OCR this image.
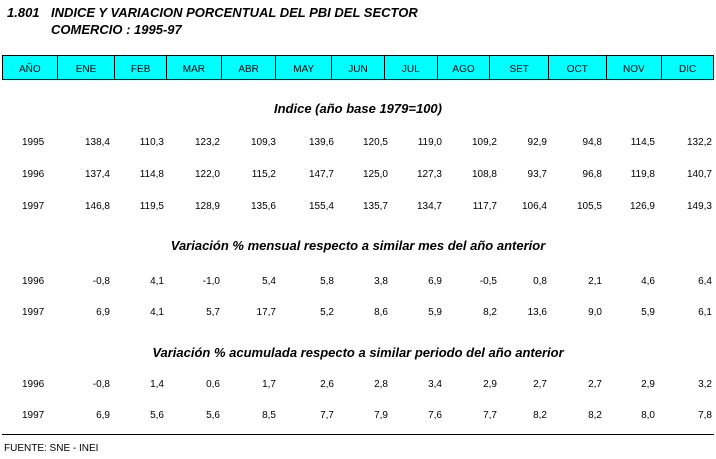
1.801 INDICE Y VARIACION PORCENTUAL DEL PBI DEL SECTOR
COMERCIO : 1995-97
AÑO	ENE	FEB	MAR	ABR	MAY	JUN	JUL	AGO	SET	OCT	NOV	DIC
Indice (año base 1979=100)
1995	138,4	110,3	123,2	109,3	139,6	120,5	119,0	109,2	92,9	94,8	114,5	132,2
1996	137,4	114,8	122,0	115,2	147,7	125,0	127,3	108,8	93,7	96,8	119,8	140,7
1997	146,8	119,5	128,9	135,6	155,4	135,7	134,7	117,7	106,4	105,5	126,9	149,3
Variación % mensual respecto a similar mes del año anterior
1996	-0,8	4,1	-1,0	5,4	5,8	3,8	6,9	-0,5	0,8	2,1	4,6	6,4
1997	6,9	4,1	5,7	17,7	5,2	8,6	5,9	8,2	13,6	9,0	5,9	6,1
Variación % acumulada respecto a similar periodo del año anterior
1996	-0,8	1,4	0,6	1,7	2,6	2,8	3,4	2,9	2,7	2,7	2,9	3,2
1997	6,9	5,6	5,6	8,5	7,7	7,9	7,6	7,7	8,2	8,2	8,0	7,8
FUENTE: SNE - INEI
